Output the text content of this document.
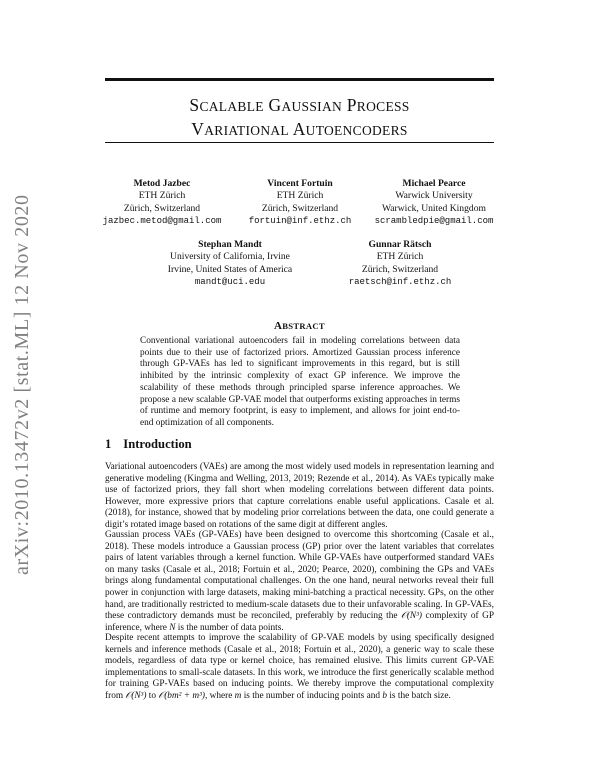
arXiv:2010.13472v2 [stat.ML] 12 Nov 2020
SCALABLE GAUSSIAN PROCESS
VARIATIONAL AUTOENCODERS
Metod Jazbec
ETH Zürich
Zürich, Switzerland
jazbec.metod@gmail.com
Vincent Fortuin
ETH Zürich
Zürich, Switzerland
fortuin@inf.ethz.ch
Michael Pearce
Warwick University
Warwick, United Kingdom
scrambledpie@gmail.com
Stephan Mandt
University of California, Irvine
Irvine, United States of America
mandt@uci.edu
Gunnar Rätsch
ETH Zürich
Zürich, Switzerland
raetsch@inf.ethz.ch
ABSTRACT
Conventional variational autoencoders fail in modeling correlations between data points due to their use of factorized priors. Amortized Gaussian process inference through GP-VAEs has led to significant improvements in this regard, but is still inhibited by the intrinsic complexity of exact GP inference. We improve the scalability of these methods through principled sparse inference approaches. We propose a new scalable GP-VAE model that outperforms existing approaches in terms of runtime and memory footprint, is easy to implement, and allows for joint end-to-end optimization of all components.
1 Introduction

Variational autoencoders (VAEs) are among the most widely used models in representation learning and generative modeling (Kingma and Welling, 2013, 2019; Rezende et al., 2014). As VAEs typically make use of factorized priors, they fall short when modeling correlations between different data points. However, more expressive priors that capture correlations enable useful applications. Casale et al. (2018), for instance, showed that by modeling prior correlations between the data, one could generate a digit’s rotated image based on rotations of the same digit at different angles.

Gaussian process VAEs (GP-VAEs) have been designed to overcome this shortcoming (Casale et al., 2018). These models introduce a Gaussian process (GP) prior over the latent variables that correlates pairs of latent variables through a kernel function. While GP-VAEs have outperformed standard VAEs on many tasks (Casale et al., 2018; Fortuin et al., 2020; Pearce, 2020), combining the GPs and VAEs brings along fundamental computational challenges. On the one hand, neural networks reveal their full power in conjunction with large datasets, making mini-batching a practical necessity. GPs, on the other hand, are traditionally restricted to medium-scale datasets due to their unfavorable scaling. In GP-VAEs, these contradictory demands must be reconciled, preferably by reducing the 𝒪(N³) complexity of GP inference, where N is the number of data points.

Despite recent attempts to improve the scalability of GP-VAE models by using specifically designed kernels and inference methods (Casale et al., 2018; Fortuin et al., 2020), a generic way to scale these models, regardless of data type or kernel choice, has remained elusive. This limits current GP-VAE implementations to small-scale datasets. In this work, we introduce the first generically scalable method for training GP-VAEs based on inducing points. We thereby improve the computational complexity from 𝒪(N³) to 𝒪(bm² + m³), where m is the number of inducing points and b is the batch size.
